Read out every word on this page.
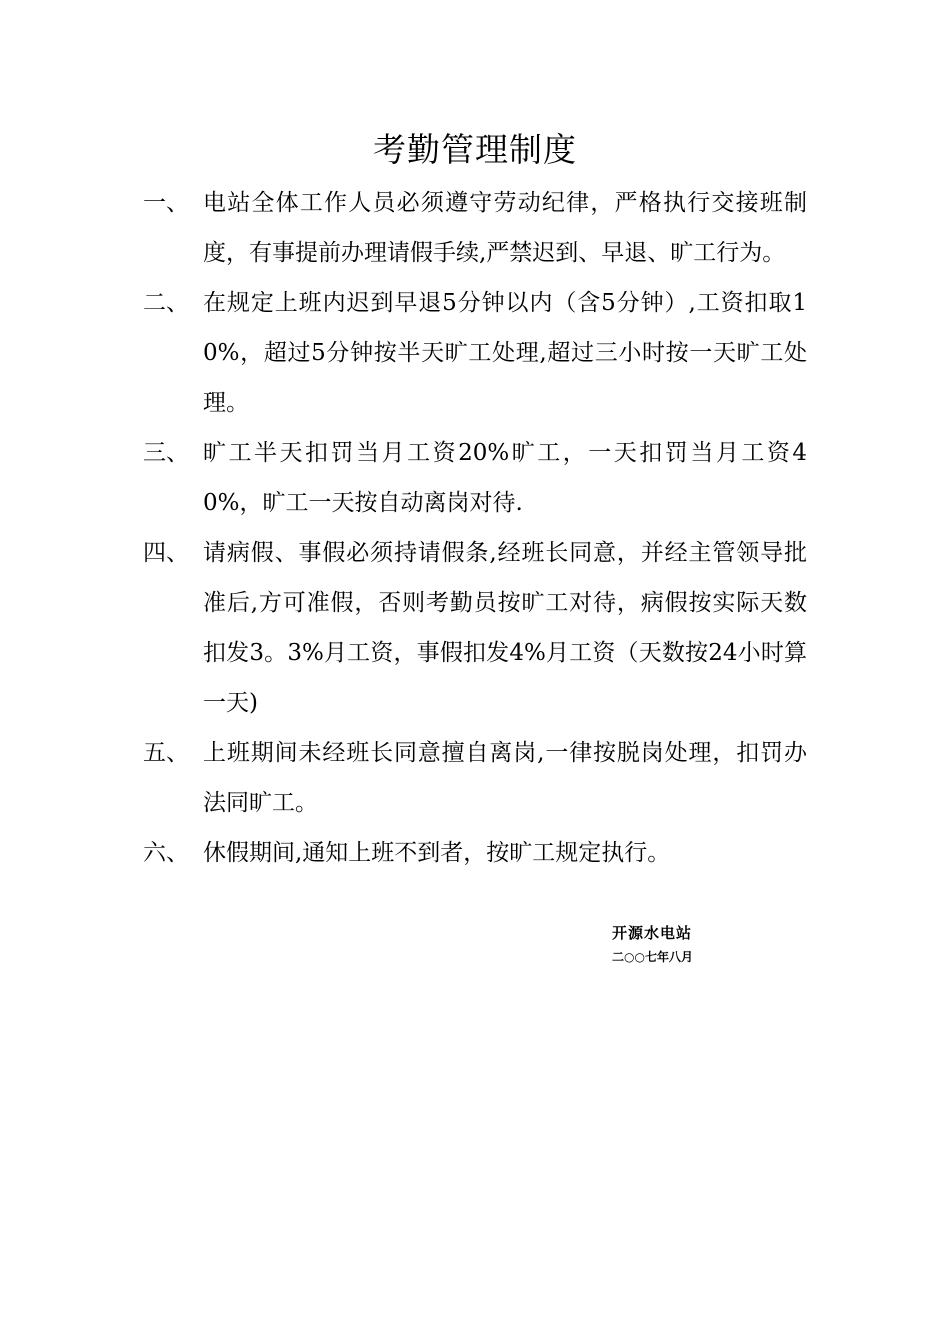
考勤管理制度
一、 电站全体工作人员必须遵守劳动纪律，严格执行交接班制度，有事提前办理请假手续,严禁迟到、早退、旷工行为。
二、 在规定上班内迟到早退5分钟以内（含5分钟）,工资扣取10%，超过5分钟按半天旷工处理,超过三小时按一天旷工处理。
三、 旷工半天扣罚当月工资20%旷工，一天扣罚当月工资40%，旷工一天按自动离岗对待.
四、 请病假、事假必须持请假条,经班长同意，并经主管领导批准后,方可准假，否则考勤员按旷工对待，病假按实际天数扣发3。3%月工资，事假扣发4%月工资（天数按24小时算一天)
五、 上班期间未经班长同意擅自离岗,一律按脱岗处理，扣罚办法同旷工。
六、 休假期间,通知上班不到者，按旷工规定执行。
开源水电站
二○○七年八月
